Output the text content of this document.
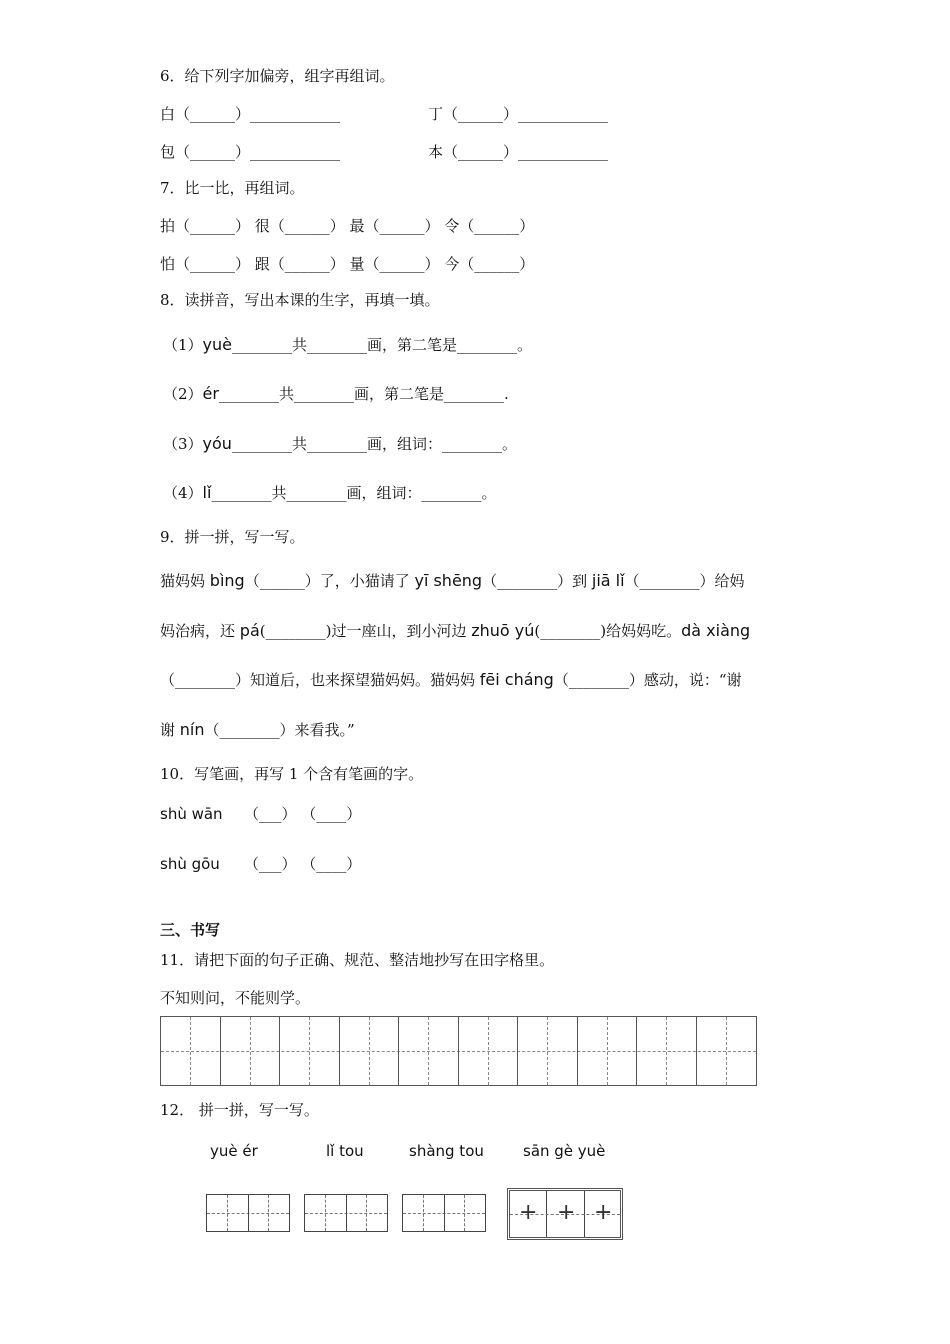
6．给下列字加偏旁，组字再组词。
白（______）____________	丁（______）____________
包（______）____________	本（______）____________
7．比一比，再组词。
拍（______） 很（______） 最（______） 令（______）
怕（______） 跟（______） 量（______） 今（______）
8．读拼音，写出本课的生字，再填一填。
（1）yuè________共________画，第二笔是________。
（2）ér________共________画，第二笔是________.
（3）yóu________共________画，组词：________。
（4）lǐ________共________画，组词：________。
9．拼一拼，写一写。
猫妈妈 bìng（______）了，小猫请了 yī shēng（________）到 jiā lǐ（________）给妈
妈治病，还 pá(________)过一座山，到小河边 zhuō yú(________)给妈妈吃。dà xiàng
（________）知道后，也来探望猫妈妈。猫妈妈 fēi cháng（________）感动，说：“谢
谢 nín（________）来看我。”
10．写笔画，再写 1 个含有笔画的字。
shù wān （___） （____）
shù gōu （___） （____）
三、书写
11．请把下面的句子正确、规范、整洁地抄写在田字格里。
不知则问，不能则学。
12． 拼一拼，写一写。
yuè ér	lǐ tou	shàng tou	sān gè yuè
+ + +
